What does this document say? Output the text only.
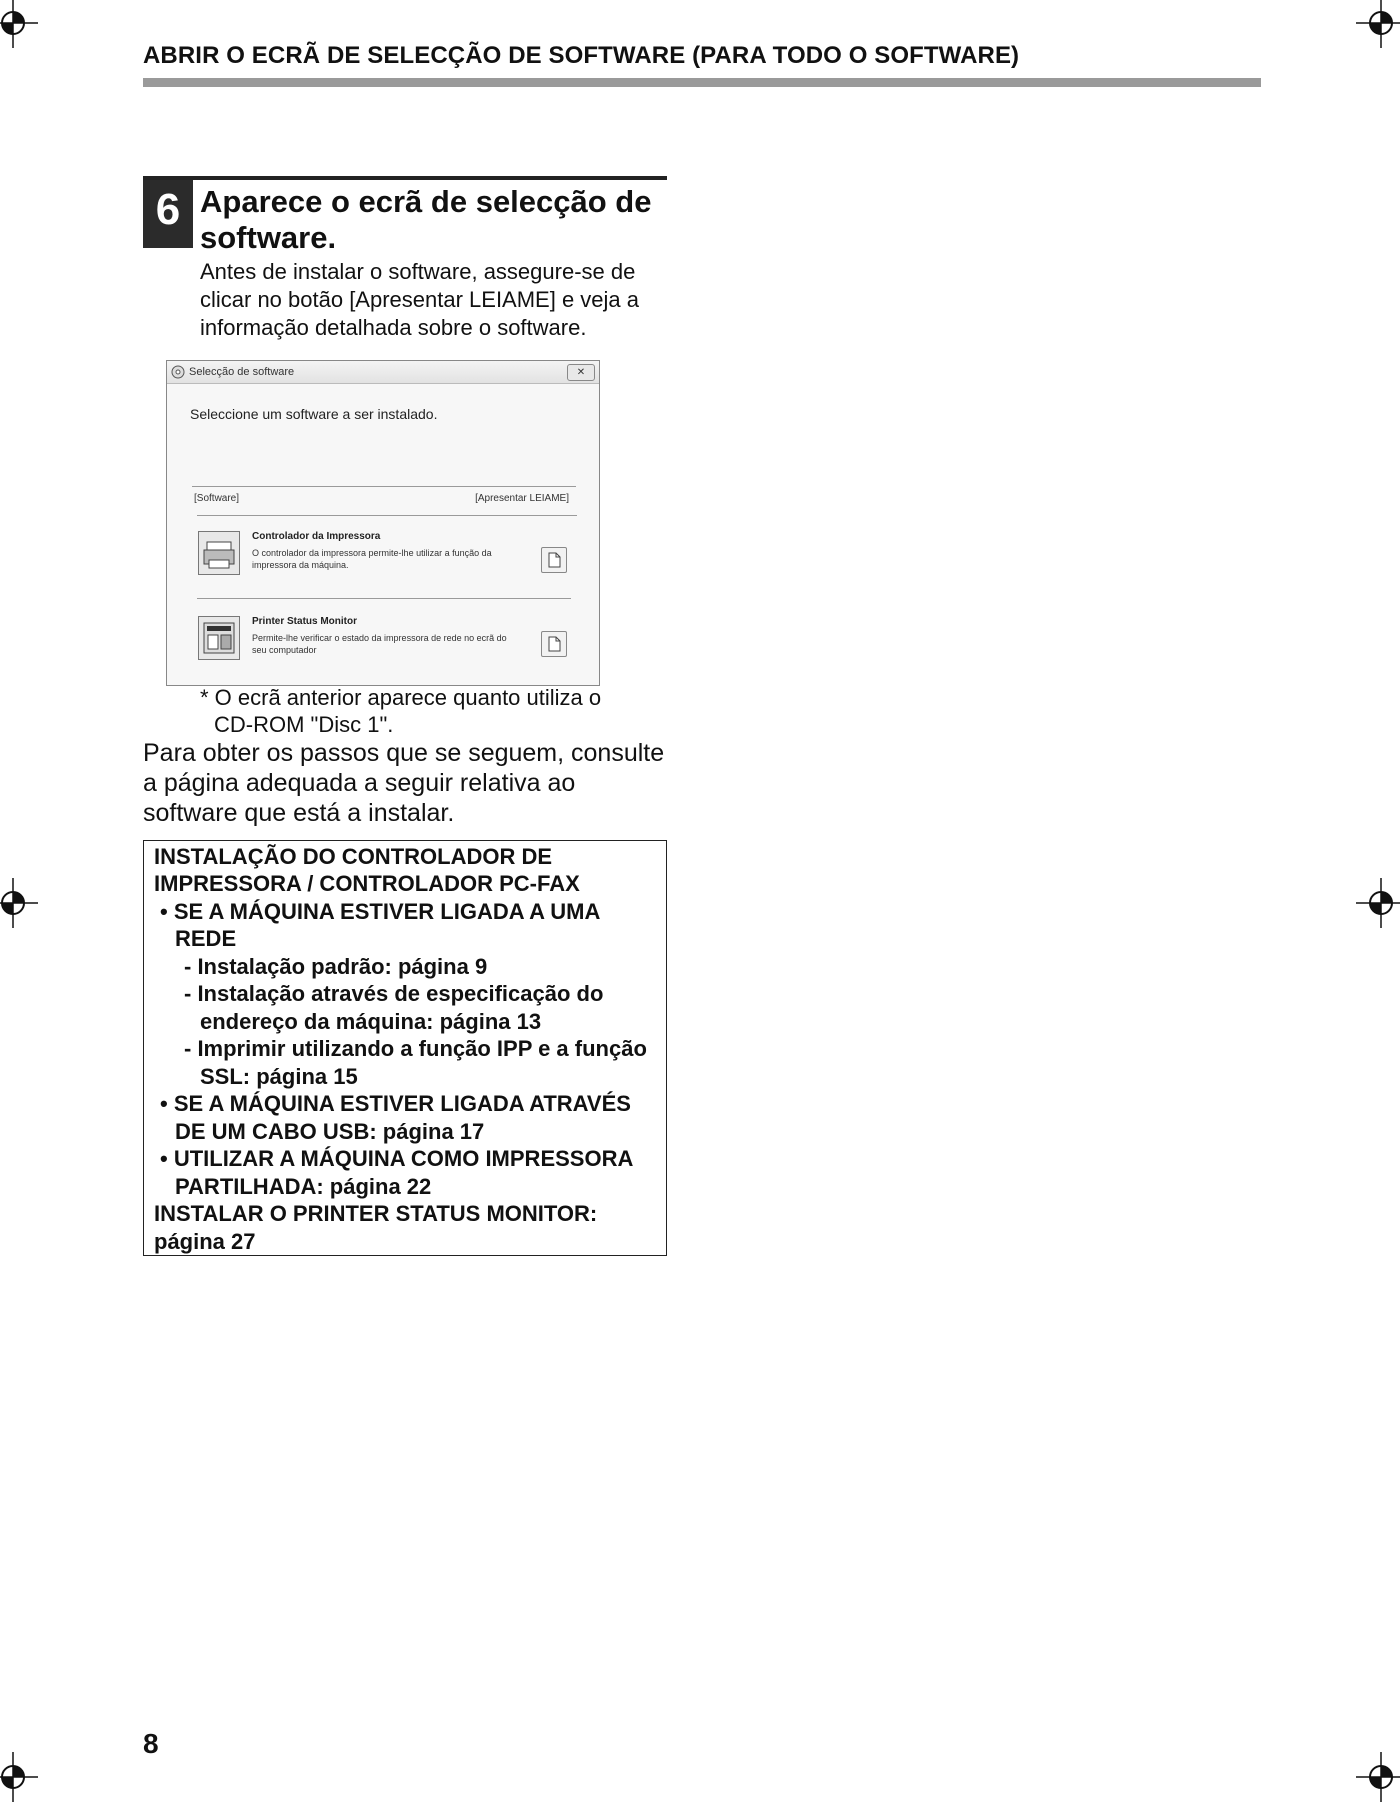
ABRIR O ECRÃ DE SELECÇÃO DE SOFTWARE (PARA TODO O SOFTWARE)
6 Aparece o ecrã de selecção de software.
Antes de instalar o software, assegure-se de clicar no botão [Apresentar LEIAME] e veja a informação detalhada sobre o software.
Selecção de software	✕
Seleccione um software a ser instalado.
[Software]	[Apresentar LEIAME]
Controlador da Impressora
O controlador da impressora permite-lhe utilizar a função da impressora da máquina.
Printer Status Monitor
Permite-lhe verificar o estado da impressora de rede no ecrã do seu computador
* O ecrã anterior aparece quanto utiliza o
CD-ROM "Disc 1".
Para obter os passos que se seguem, consulte a página adequada a seguir relativa ao software que está a instalar.
INSTALAÇÃO DO CONTROLADOR DE
IMPRESSORA / CONTROLADOR PC-FAX
• SE A MÁQUINA ESTIVER LIGADA A UMA
REDE
- Instalação padrão: página 9
- Instalação através de especificação do
endereço da máquina: página 13
- Imprimir utilizando a função IPP e a função
SSL: página 15
• SE A MÁQUINA ESTIVER LIGADA ATRAVÉS
DE UM CABO USB: página 17
• UTILIZAR A MÁQUINA COMO IMPRESSORA
PARTILHADA: página 22
INSTALAR O PRINTER STATUS MONITOR:
página 27
8
